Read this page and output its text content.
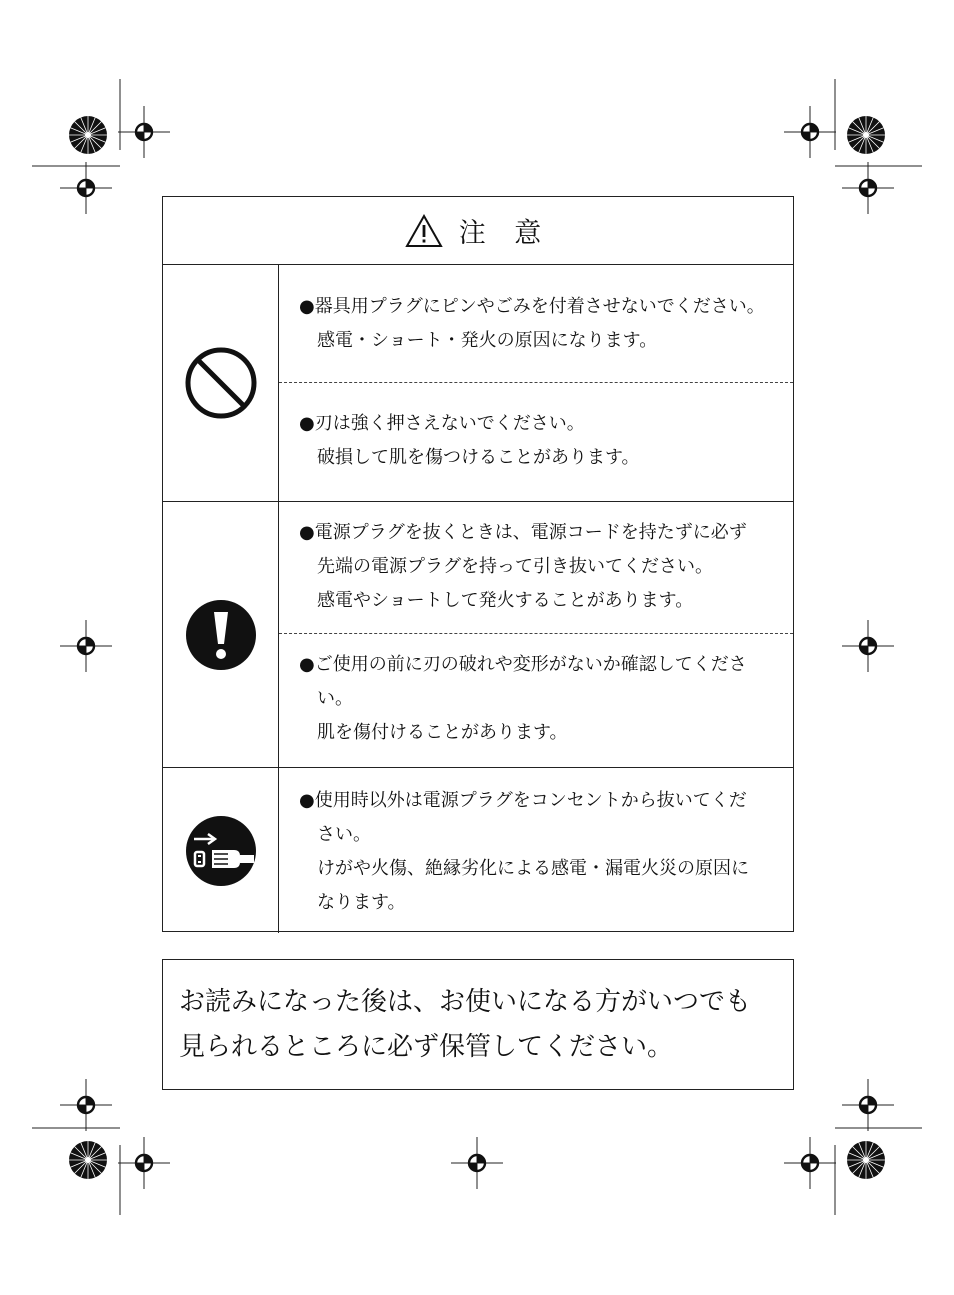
注 意

●器具用プラグにピンやごみを付着させないでください。

感電・ショート・発火の原因になります。

●刃は強く押さえないでください。

破損して肌を傷つけることがあります。

●電源プラグを抜くときは、電源コードを持たずに必ず

先端の電源プラグを持って引き抜いてください。

感電やショートして発火することがあります。

●ご使用の前に刃の破れや変形がないか確認してくださ

い。

肌を傷付けることがあります。

●使用時以外は電源プラグをコンセントから抜いてくだ

さい。

けがや火傷、絶縁劣化による感電・漏電火災の原因に

なります。

お読みになった後は、お使いになる方がいつでも

見られるところに必ず保管してください。
